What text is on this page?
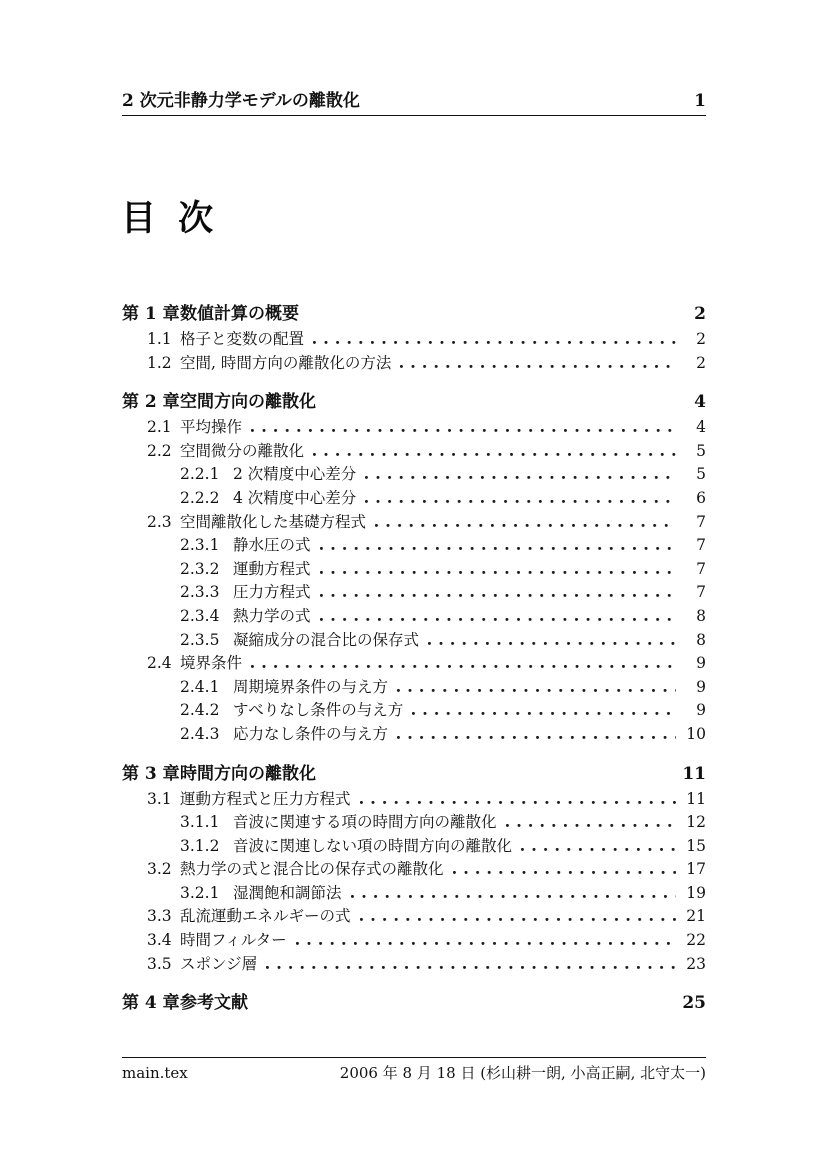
2 次元非静力学モデルの離散化	1
目 次
第 1 章 数値計算の概要	2
1.1 格子と変数の配置	2
1.2 空間, 時間方向の離散化の方法	2
第 2 章 空間方向の離散化	4
2.1 平均操作	4
2.2 空間微分の離散化	5
2.2.1 2 次精度中心差分	5
2.2.2 4 次精度中心差分	6
2.3 空間離散化した基礎方程式	7
2.3.1 静水圧の式	7
2.3.2 運動方程式	7
2.3.3 圧力方程式	7
2.3.4 熱力学の式	8
2.3.5 凝縮成分の混合比の保存式	8
2.4 境界条件	9
2.4.1 周期境界条件の与え方	9
2.4.2 すべりなし条件の与え方	9
2.4.3 応力なし条件の与え方	10
第 3 章 時間方向の離散化	11
3.1 運動方程式と圧力方程式	11
3.1.1 音波に関連する項の時間方向の離散化	12
3.1.2 音波に関連しない項の時間方向の離散化	15
3.2 熱力学の式と混合比の保存式の離散化	17
3.2.1 湿潤飽和調節法	19
3.3 乱流運動エネルギーの式	21
3.4 時間フィルター	22
3.5 スポンジ層	23
第 4 章 参考文献	25
main.tex	2006 年 8 月 18 日 (杉山耕一朗, 小高正嗣, 北守太一)
